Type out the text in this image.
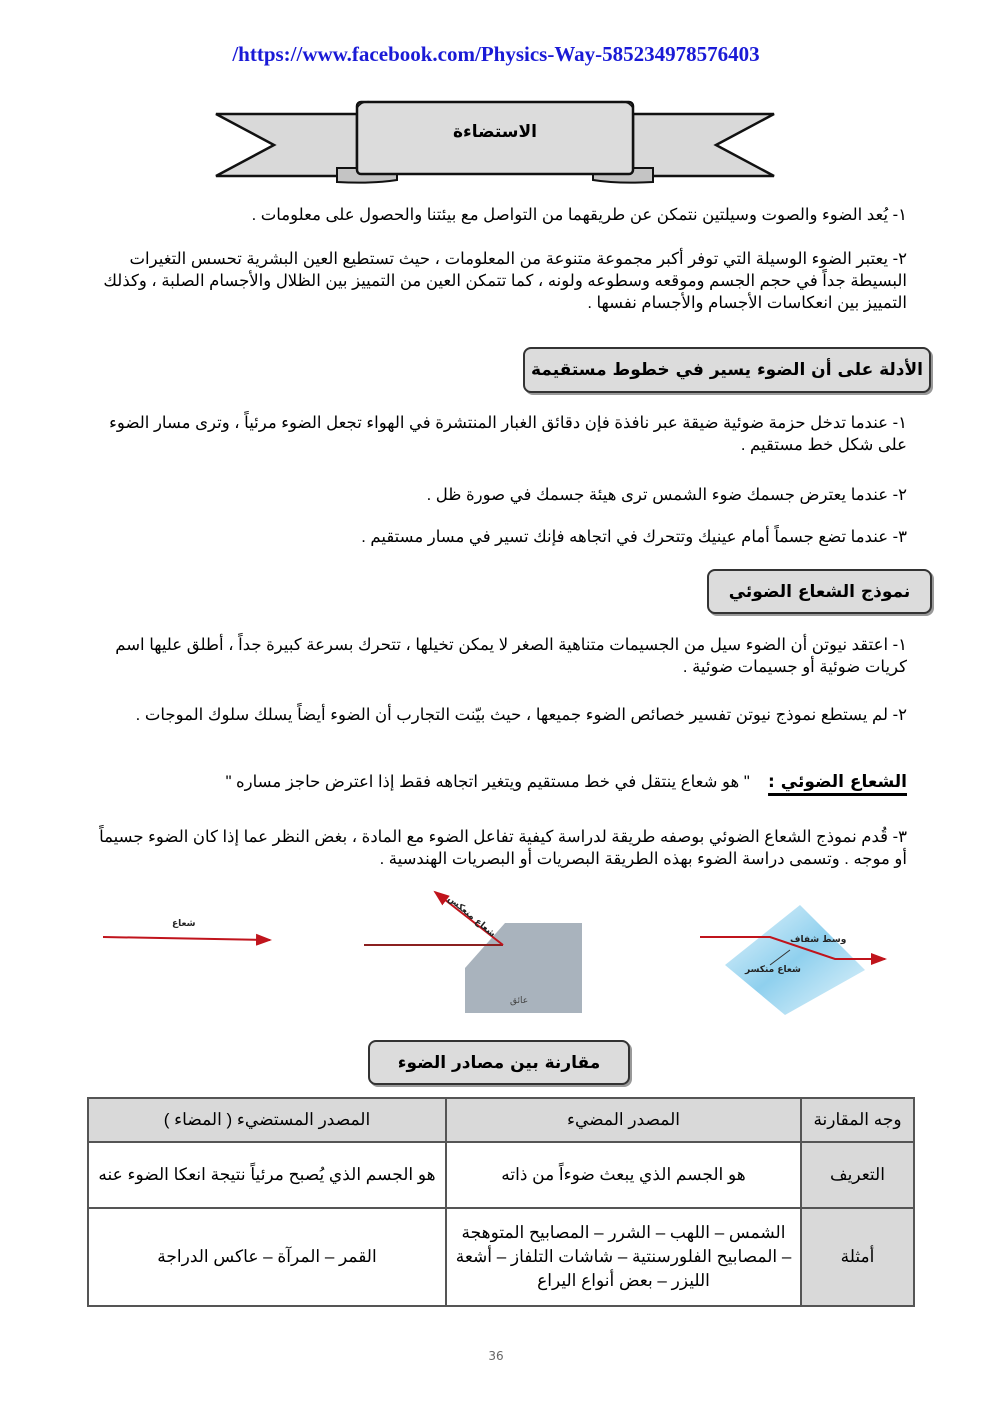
/https://www.facebook.com/Physics-Way-585234978576403
الاستضاءة
١- يُعد الضوء والصوت وسيلتين نتمكن عن طريقهما من التواصل مع بيئتنا والحصول على معلومات .
٢- يعتبر الضوء الوسيلة التي توفر أكبر مجموعة متنوعة من المعلومات ، حيث تستطيع العين البشرية تحسس التغيرات البسيطة جداً في حجم الجسم وموقعه وسطوعه ولونه ، كما تتمكن العين من التمييز بين الظلال والأجسام الصلبة ، وكذلك التمييز بين انعكاسات الأجسام والأجسام نفسها .
الأدلة على أن الضوء يسير في خطوط مستقيمة
١- عندما تدخل حزمة ضوئية ضيقة عبر نافذة فإن دقائق الغبار المنتشرة في الهواء تجعل الضوء مرئياً ، وترى مسار الضوء على شكل خط مستقيم .
٢- عندما يعترض جسمك ضوء الشمس ترى هيئة جسمك في صورة ظل .
٣- عندما تضع جسماً أمام عينيك وتتحرك في اتجاهه فإنك تسير في مسار مستقيم .
نموذج الشعاع الضوئي
١- اعتقد نيوتن أن الضوء سيل من الجسيمات متناهية الصغر لا يمكن تخيلها ، تتحرك بسرعة كبيرة جداً ، أطلق عليها اسم كريات ضوئية أو جسيمات ضوئية .
٢- لم يستطع نموذج نيوتن تفسير خصائص الضوء جميعها ، حيث بيّنت التجارب أن الضوء أيضاً يسلك سلوك الموجات .
الشعاع الضوئي :    " هو شعاع ينتقل في خط مستقيم ويتغير اتجاهه فقط إذا اعترض حاجز مساره "
٣- قُدم نموذج الشعاع الضوئي بوصفه طريقة لدراسة كيفية تفاعل الضوء مع المادة ، بغض النظر عما إذا كان الضوء جسيماً أو موجه . وتسمى دراسة الضوء بهذه الطريقة البصريات أو البصريات الهندسية .
شعاع	شعاع منعكس
عائق
وسط شفاف
شعاع منكسر
مقارنة بين مصادر الضوء
وجه المقارنة	المصدر المضيء	المصدر المستضيء ( المضاء )
التعريف	هو الجسم الذي يبعث ضوءاً من ذاته	هو الجسم الذي يُصبح مرئياً نتيجة انعكا الضوء عنه
أمثلة	الشمس – اللهب – الشرر – المصابيح المتوهجة – المصابيح الفلورسنتية – شاشات التلفاز – أشعة الليزر – بعض أنواع اليراع	القمر – المرآة – عاكس الدراجة
36
